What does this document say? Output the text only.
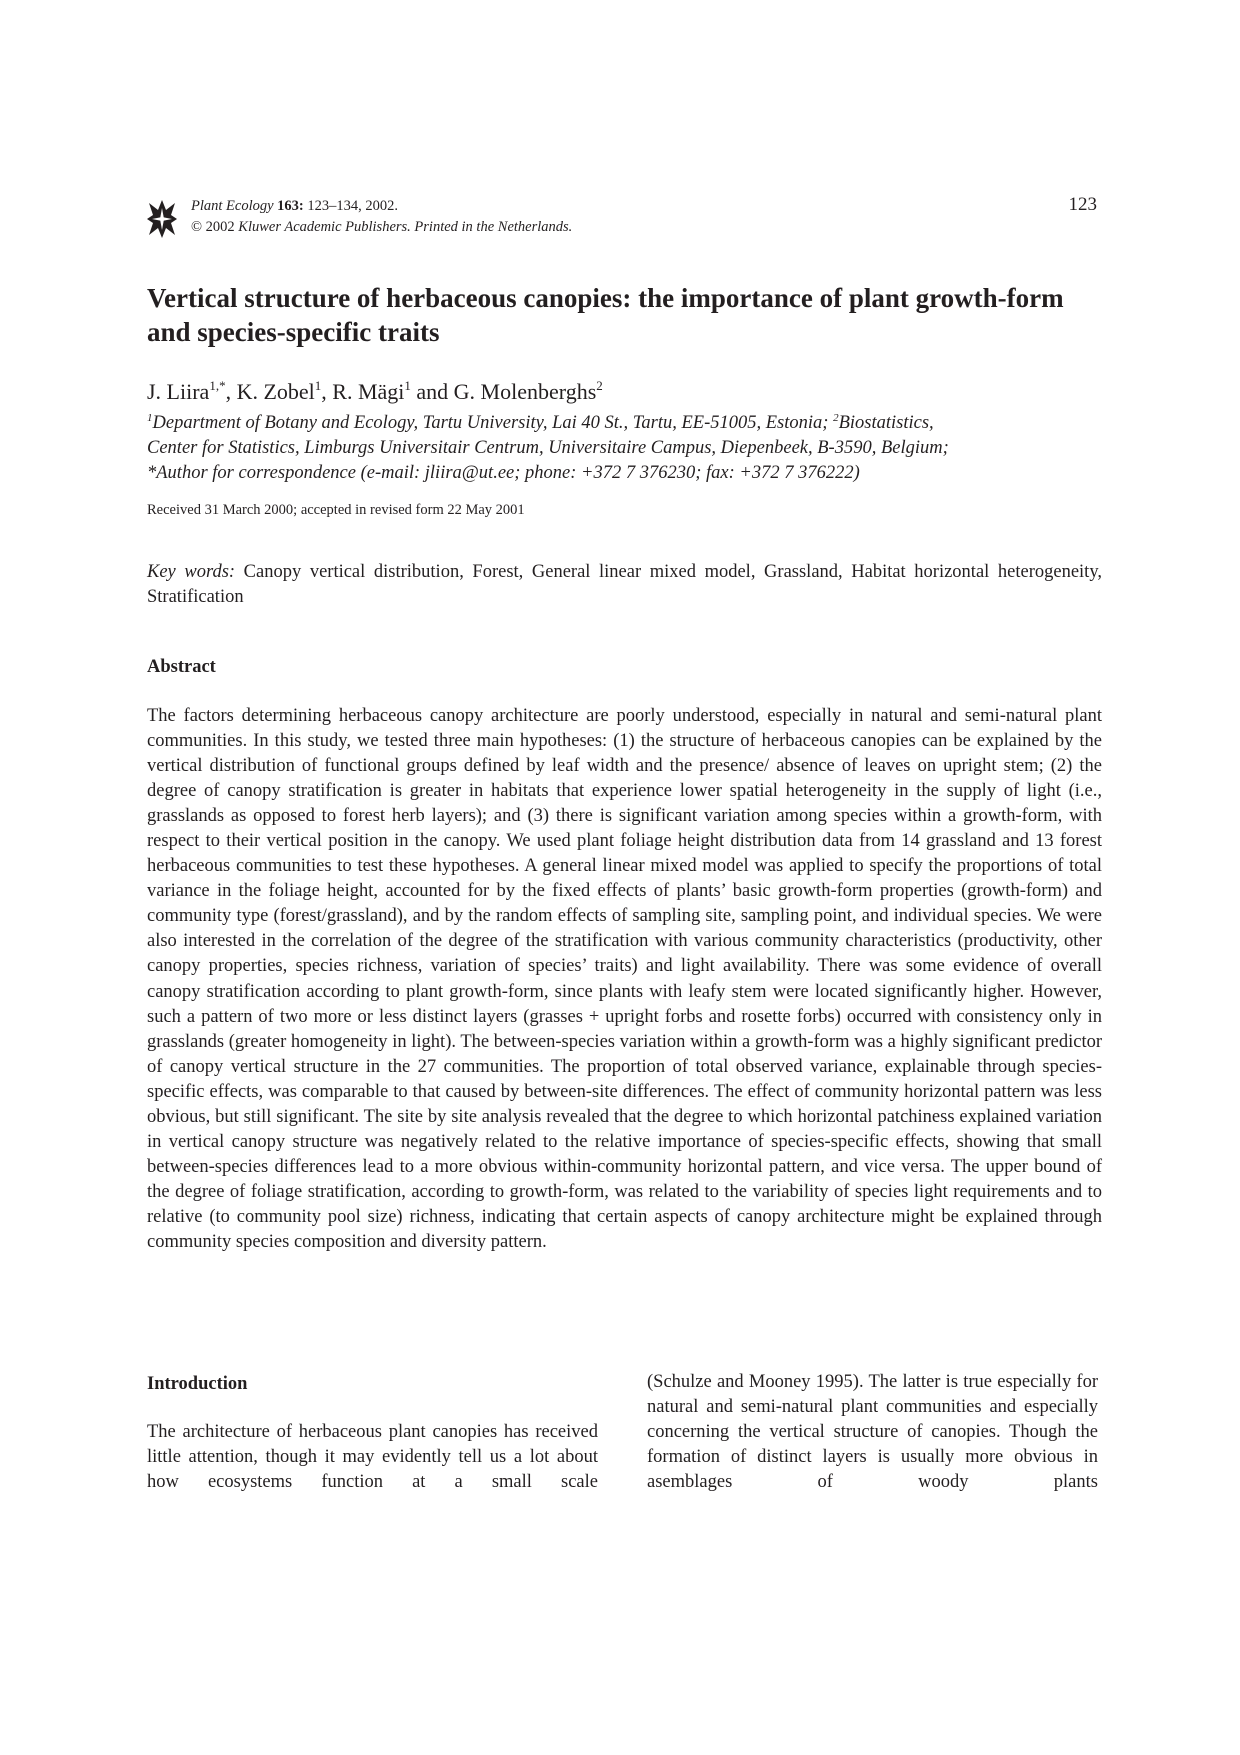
Plant Ecology 163: 123–134, 2002.
© 2002 Kluwer Academic Publishers. Printed in the Netherlands.
123
Vertical structure of herbaceous canopies: the importance of plant growth-form and species-specific traits
J. Liira$^{1,*}$, K. Zobel$^1$, R. Mägi$^1$ and G. Molenberghs$^2$

$^1$Department of Botany and Ecology, Tartu University, Lai 40 St., Tartu, EE-51005, Estonia; $^2$Biostatistics,

Center for Statistics, Limburgs Universitair Centrum, Universitaire Campus, Diepenbeek, B-3590, Belgium;

*Author for correspondence (e-mail: jliira@ut.ee; phone: +372 7 376230; fax: +372 7 376222)

Received 31 March 2000; accepted in revised form 22 May 2001
Key words: Canopy vertical distribution, Forest, General linear mixed model, Grassland, Habitat horizontal heterogeneity, Stratification
Abstract

The factors determining herbaceous canopy architecture are poorly understood, especially in natural and semi-natural plant communities. In this study, we tested three main hypotheses: (1) the structure of herbaceous canopies can be explained by the vertical distribution of functional groups defined by leaf width and the presence/ absence of leaves on upright stem; (2) the degree of canopy stratification is greater in habitats that experience lower spatial heterogeneity in the supply of light (i.e., grasslands as opposed to forest herb layers); and (3) there is significant variation among species within a growth-form, with respect to their vertical position in the canopy. We used plant foliage height distribution data from 14 grassland and 13 forest herbaceous communities to test these hypotheses. A general linear mixed model was applied to specify the proportions of total variance in the foliage height, accounted for by the fixed effects of plants’ basic growth-form properties (growth-form) and community type (forest/grassland), and by the random effects of sampling site, sampling point, and individual species. We were also interested in the correlation of the degree of the stratification with various community characteristics (productivity, other canopy properties, species richness, variation of species’ traits) and light availability. There was some evidence of overall canopy stratification according to plant growth-form, since plants with leafy stem were located significantly higher. However, such a pattern of two more or less distinct layers (grasses + upright forbs and rosette forbs) occurred with consistency only in grasslands (greater homogeneity in light). The between-species variation within a growth-form was a highly significant predictor of canopy vertical structure in the 27 communities. The proportion of total observed variance, explainable through species-specific effects, was comparable to that caused by between-site differences. The effect of community horizontal pattern was less obvious, but still significant. The site by site analysis revealed that the degree to which horizontal patchiness explained variation in vertical canopy structure was negatively related to the relative importance of species-specific effects, showing that small between-species differences lead to a more obvious within-community horizontal pattern, and vice versa. The upper bound of the degree of foliage stratification, according to growth-form, was related to the variability of species light requirements and to relative (to community pool size) richness, indicating that certain aspects of canopy architecture might be explained through community species composition and diversity pattern.

Introduction

The architecture of herbaceous plant canopies has received little attention, though it may evidently tell us a lot about how ecosystems function at a small scale

(Schulze and Mooney 1995). The latter is true especially for natural and semi-natural plant communities and especially concerning the vertical structure of canopies. Though the formation of distinct layers is usually more obvious in asemblages of woody plants
